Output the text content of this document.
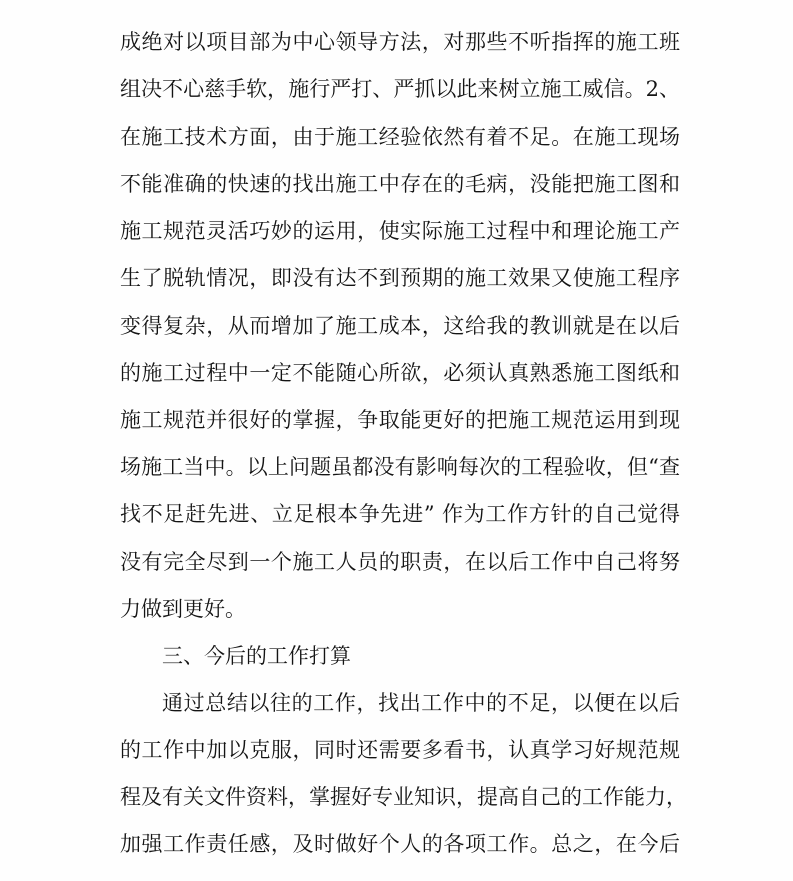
成绝对以项目部为中心领导方法，对那些不听指挥的施工班
组决不心慈手软，施行严打、严抓以此来树立施工威信。2、
在施工技术方面，由于施工经验依然有着不足。在施工现场
不能准确的快速的找出施工中存在的毛病，没能把施工图和
施工规范灵活巧妙的运用，使实际施工过程中和理论施工产
生了脱轨情况，即没有达不到预期的施工效果又使施工程序
变得复杂，从而增加了施工成本，这给我的教训就是在以后
的施工过程中一定不能随心所欲，必须认真熟悉施工图纸和
施工规范并很好的掌握，争取能更好的把施工规范运用到现
场施工当中。以上问题虽都没有影响每次的工程验收，但“查
找不足赶先进、立足根本争先进” 作为工作方针的自己觉得
没有完全尽到一个施工人员的职责，在以后工作中自己将努
力做到更好。
三、今后的工作打算
通过总结以往的工作，找出工作中的不足，以便在以后
的工作中加以克服，同时还需要多看书，认真学习好规范规
程及有关文件资料，掌握好专业知识，提高自己的工作能力，
加强工作责任感，及时做好个人的各项工作。总之，在今后
